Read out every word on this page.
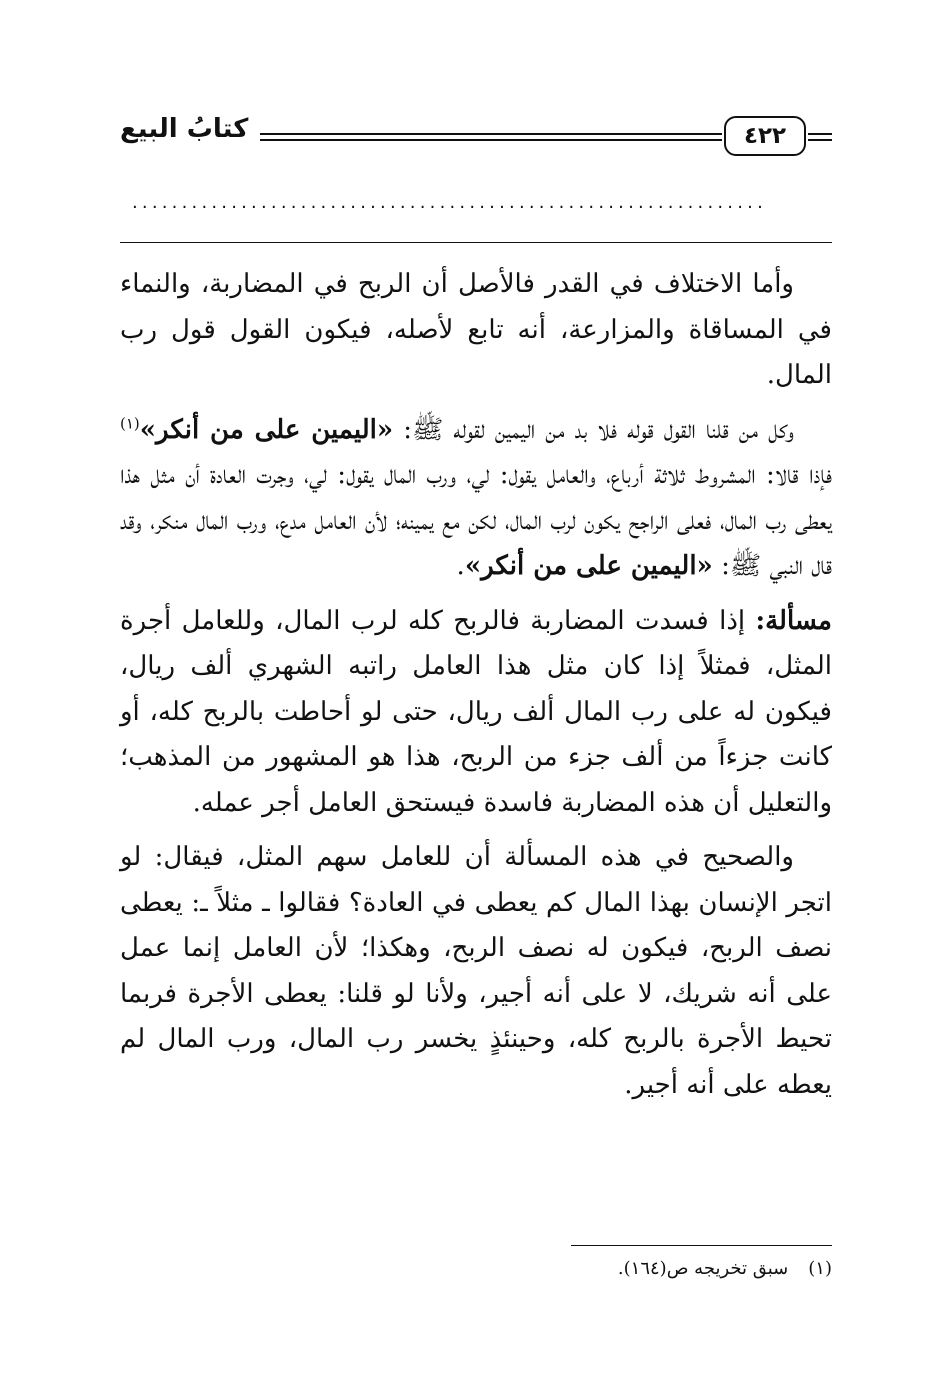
كتابُ البيع	٤٢٢
................................................................

وأما الاختلاف في القدر فالأصل أن الربح في المضاربة، والنماء في المساقاة والمزارعة، أنه تابع لأصله، فيكون القول قول رب المال.

وكل من قلنا القول قوله فلا بد من اليمين لقوله ﷺ: «اليمين على من أنكر»$^{(١)}$ فإذا قالا: المشروط ثلاثة أرباع، والعامل يقول: لي، ورب المال يقول: لي، وجرت العادة أن مثل هذا يعطى رب المال، فعلى الراجح يكون لرب المال، لكن مع يمينه؛ لأن العامل مدع، ورب المال منكر، وقد قال النبي ﷺ: «اليمين على من أنكر».

مسألة: إذا فسدت المضاربة فالربح كله لرب المال، وللعامل أجرة المثل، فمثلاً إذا كان مثل هذا العامل راتبه الشهري ألف ريال، فيكون له على رب المال ألف ريال، حتى لو أحاطت بالربح كله، أو كانت جزءاً من ألف جزء من الربح، هذا هو المشهور من المذهب؛ والتعليل أن هذه المضاربة فاسدة فيستحق العامل أجر عمله.

والصحيح في هذه المسألة أن للعامل سهم المثل، فيقال: لو اتجر الإنسان بهذا المال كم يعطى في العادة؟ فقالوا ـ مثلاً ـ: يعطى نصف الربح، فيكون له نصف الربح، وهكذا؛ لأن العامل إنما عمل على أنه شريك، لا على أنه أجير، ولأنا لو قلنا: يعطى الأجرة فربما تحيط الأجرة بالربح كله، وحينئذٍ يخسر رب المال، ورب المال لم يعطه على أنه أجير.

(١)سبق تخريجه ص(١٦٤).
